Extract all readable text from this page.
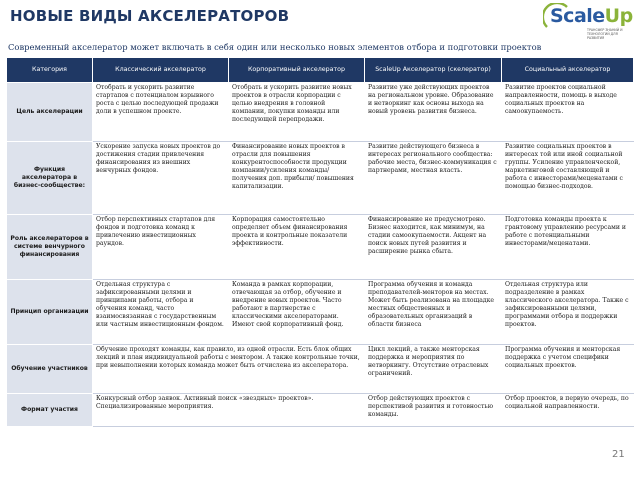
НОВЫЕ ВИДЫ АКСЕЛЕРАТОРОВ	ScaleUp
ТРАНСФЕР ЗНАНИЙ И ТЕХНОЛОГИЙ ДЛЯ РАЗВИТИЯ
Современный акселератор может включать в себя один или несколько новых элементов отбора и подготовки проектов
Категория	Классический акселератор	Корпоративный акселератор	ScaleUp Акселератор (скелератор)	Социальный акселератор
Цель акселерации	Отобрать и ускорить развитие стартапов с потенциалом взрывного роста с целью последующей продажи доли в успешном проекте.	Отобрать и ускорить развитие новых проектов в отрасли корпорации с целью внедрения в головной компании, покупки команды или последующей перепродажи.	Развитие уже действующих проектов на региональном уровне. Образование и нетворкинг как основы выхода на новый уровень развития бизнеса.	Развитие проектов социальной направленности, помощь в выходе социальных проектов на самоокупаемость.
Функция акселератора в бизнес-сообществе:	Ускорение запуска новых проектов до достижения стадии привлечения финансирования из внешних венчурных фондов.	Финансирование новых проектов в отрасли для повышения конкурентоспособности продукции компании/усиления команды/получения доп. прибыли/ повышения капитализации.	Развитие действующего бизнеса в интересах регионального сообщества: рабочие места, бизнес-коммуникация с партнерами, местная власть.	Развитие социальных проектов в интересах той или иной социальной группы. Усиление управленческой, маркетинговой составляющей и работа с инвесторами/меценатами с помощью бизнес-подходов.
Роль акселераторов в системе венчурного финансирования	Отбор перспективных стартапов для фондов и подготовка команд к привлечению инвестиционных раундов.	Корпорация самостоятельно определяет объем финансирования проекта и контрольные показатели эффективности.	Финансирование не предусмотрено. Бизнес находится, как минимум, на стадии самоокупаемости. Акцент на поиск новых путей развития и расширение рынка сбыта.	Подготовка команды проекта к грантовому управлению ресурсами и работе с потенциальными инвесторами/меценатами.
Принцип организации	Отдельная структура с зафиксированными целями и принципами работы, отбора и обучения команд, часто взаимосвязанная с государственным или частным инвестиционным фондом.	Команда в рамках корпорации, отвечающая за отбор, обучение и внедрение новых проектов. Часто работают в партнерстве с классическими акселераторами. Имеют свой корпоративный фонд.	Программа обучения и команда преподавателей-менторов на местах. Может быть реализована на площадке местных общественных и образовательных организаций в области бизнеса	Отдельная структура или подразделение в рамках классического акселератора. Также с зафиксированными целями, программами отбора и поддержки проектов.
Обучение участников	Обучение проходят команды, как правило, из одной отрасли. Есть блок общих лекций и план индивидуальной работы с ментором. А также контрольные точки, при невыполнении которых команда может быть отчислена из акселератора.		Цикл лекций, а также менторская поддержка и мероприятия по нетворкингу. Отсутствие отраслевых ограничений.	Программа обучения и менторская поддержка с учетом специфики социальных проектов.
Формат участия	Конкурсный отбор заявок. Активный поиск «звездных» проектов». Специализированные мероприятия.		Отбор действующих проектов с перспективой развития и готовностью команды.	Отбор проектов, в первую очередь, по социальной направленности.
21
